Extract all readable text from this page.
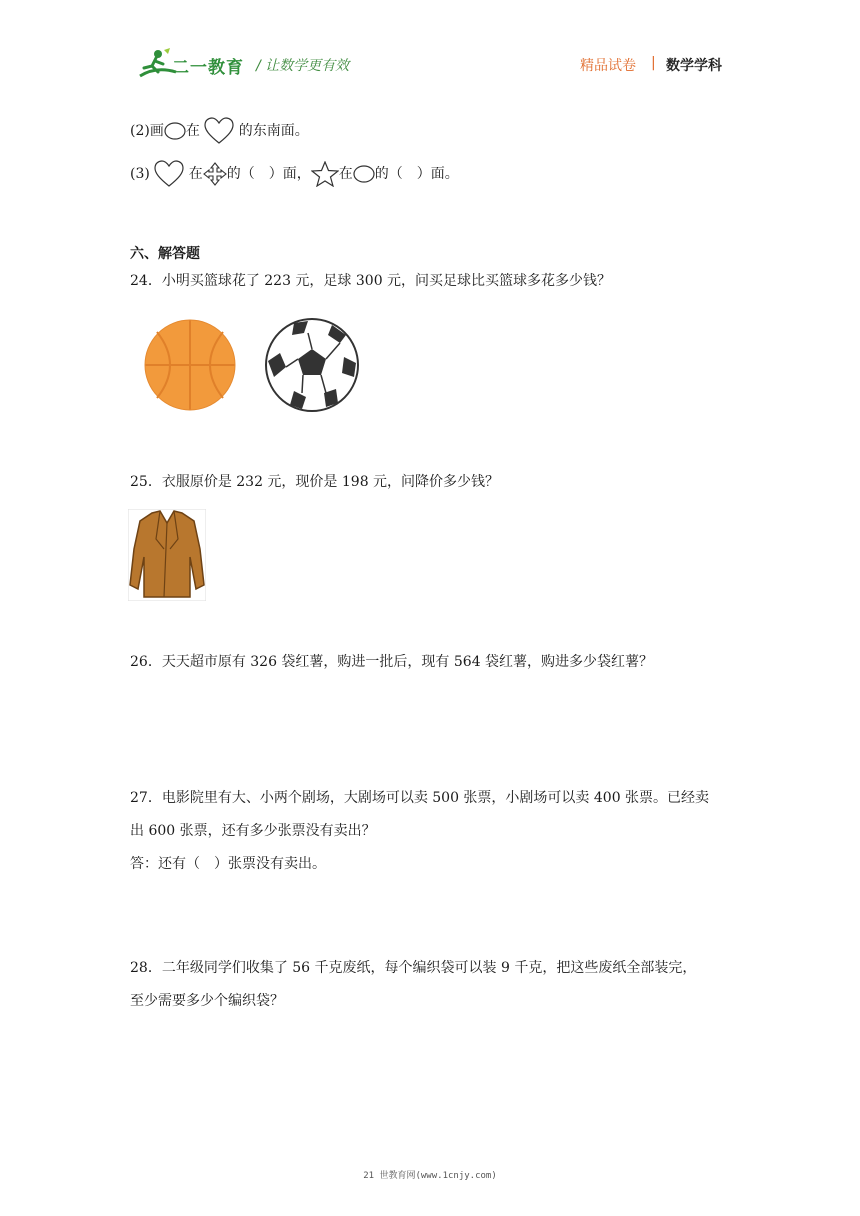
二一教育 / 让数学更有效	精品试卷 | 数学学科
(2)画 在	的东南面。
(3)	在 的（　）面， 在 的（　）面。
六、解答题
24．小明买篮球花了 223 元，足球 300 元，问买足球比买篮球多花多少钱？
25．衣服原价是 232 元，现价是 198 元，问降价多少钱？
26．天天超市原有 326 袋红薯，购进一批后，现有 564 袋红薯，购进多少袋红薯？
27．电影院里有大、小两个剧场，大剧场可以卖 500 张票，小剧场可以卖 400 张票。已经卖
出 600 张票，还有多少张票没有卖出？
答：还有（　）张票没有卖出。
28．二年级同学们收集了 56 千克废纸，每个编织袋可以装 9 千克，把这些废纸全部装完，
至少需要多少个编织袋？
21 世教育网(www.1cnjy.com)
